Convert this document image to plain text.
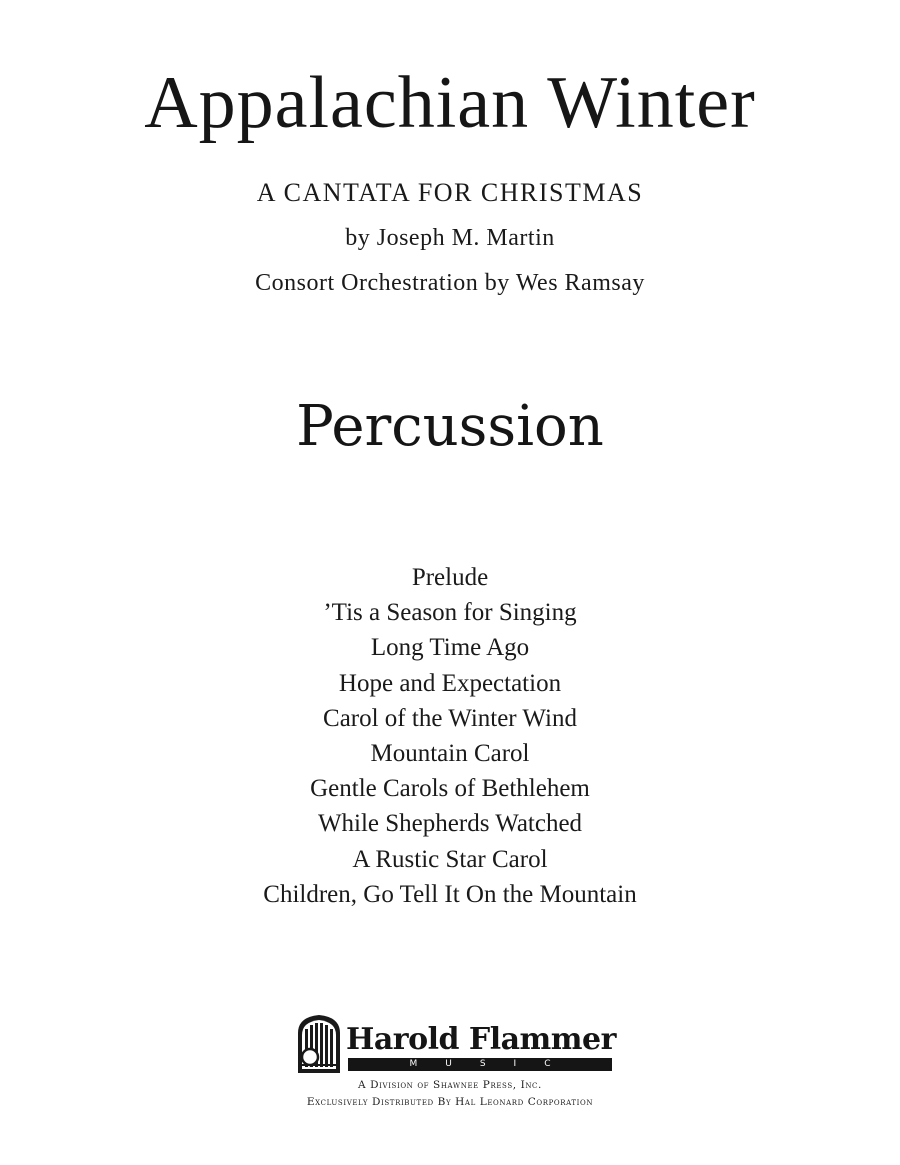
Appalachian Winter
A CANTATA FOR CHRISTMAS
by Joseph M. Martin
Consort Orchestration by Wes Ramsay
Percussion
Prelude
’Tis a Season for Singing
Long Time Ago
Hope and Expectation
Carol of the Winter Wind
Mountain Carol
Gentle Carols of Bethlehem
While Shepherds Watched
A Rustic Star Carol
Children, Go Tell It On the Mountain
Harold Flammer
MUSIC
A Division of Shawnee Press, Inc.
Exclusively Distributed By Hal Leonard Corporation
